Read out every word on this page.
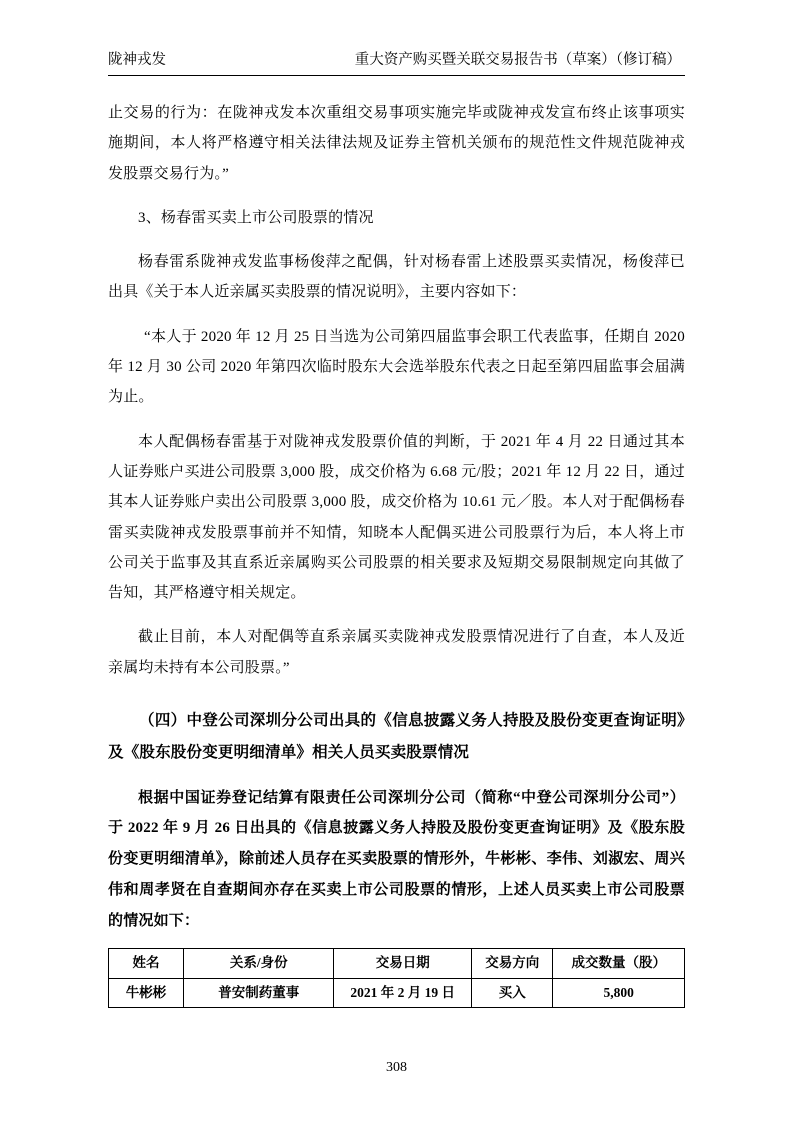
陇神戎发	重大资产购买暨关联交易报告书（草案）（修订稿）

止交易的行为：在陇神戎发本次重组交易事项实施完毕或陇神戎发宣布终止该事项实施期间，本人将严格遵守相关法律法规及证券主管机关颁布的规范性文件规范陇神戎发股票交易行为。”

3、杨春雷买卖上市公司股票的情况

杨春雷系陇神戎发监事杨俊萍之配偶，针对杨春雷上述股票买卖情况，杨俊萍已出具《关于本人近亲属买卖股票的情况说明》，主要内容如下：

“本人于 2020 年 12 月 25 日当选为公司第四届监事会职工代表监事，任期自 2020 年 12 月 30 公司 2020 年第四次临时股东大会选举股东代表之日起至第四届监事会届满为止。

本人配偶杨春雷基于对陇神戎发股票价值的判断，于 2021 年 4 月 22 日通过其本人证券账户买进公司股票 3,000 股，成交价格为 6.68 元/股；2021 年 12 月 22 日，通过其本人证券账户卖出公司股票 3,000 股，成交价格为 10.61 元／股。本人对于配偶杨春雷买卖陇神戎发股票事前并不知情，知晓本人配偶买进公司股票行为后，本人将上市公司关于监事及其直系近亲属购买公司股票的相关要求及短期交易限制规定向其做了告知，其严格遵守相关规定。

截止目前，本人对配偶等直系亲属买卖陇神戎发股票情况进行了自查，本人及近亲属均未持有本公司股票。”

（四）中登公司深圳分公司出具的《信息披露义务人持股及股份变更查询证明》及《股东股份变更明细清单》相关人员买卖股票情况

根据中国证券登记结算有限责任公司深圳分公司（简称“中登公司深圳分公司”）于 2022 年 9 月 26 日出具的《信息披露义务人持股及股份变更查询证明》及《股东股份变更明细清单》，除前述人员存在买卖股票的情形外，牛彬彬、李伟、刘淑宏、周兴伟和周孝贤在自查期间亦存在买卖上市公司股票的情形，上述人员买卖上市公司股票的情况如下：

姓名	关系/身份	交易日期	交易方向	成交数量（股）
牛彬彬	普安制药董事	2021 年 2 月 19 日	买入	5,800
308
